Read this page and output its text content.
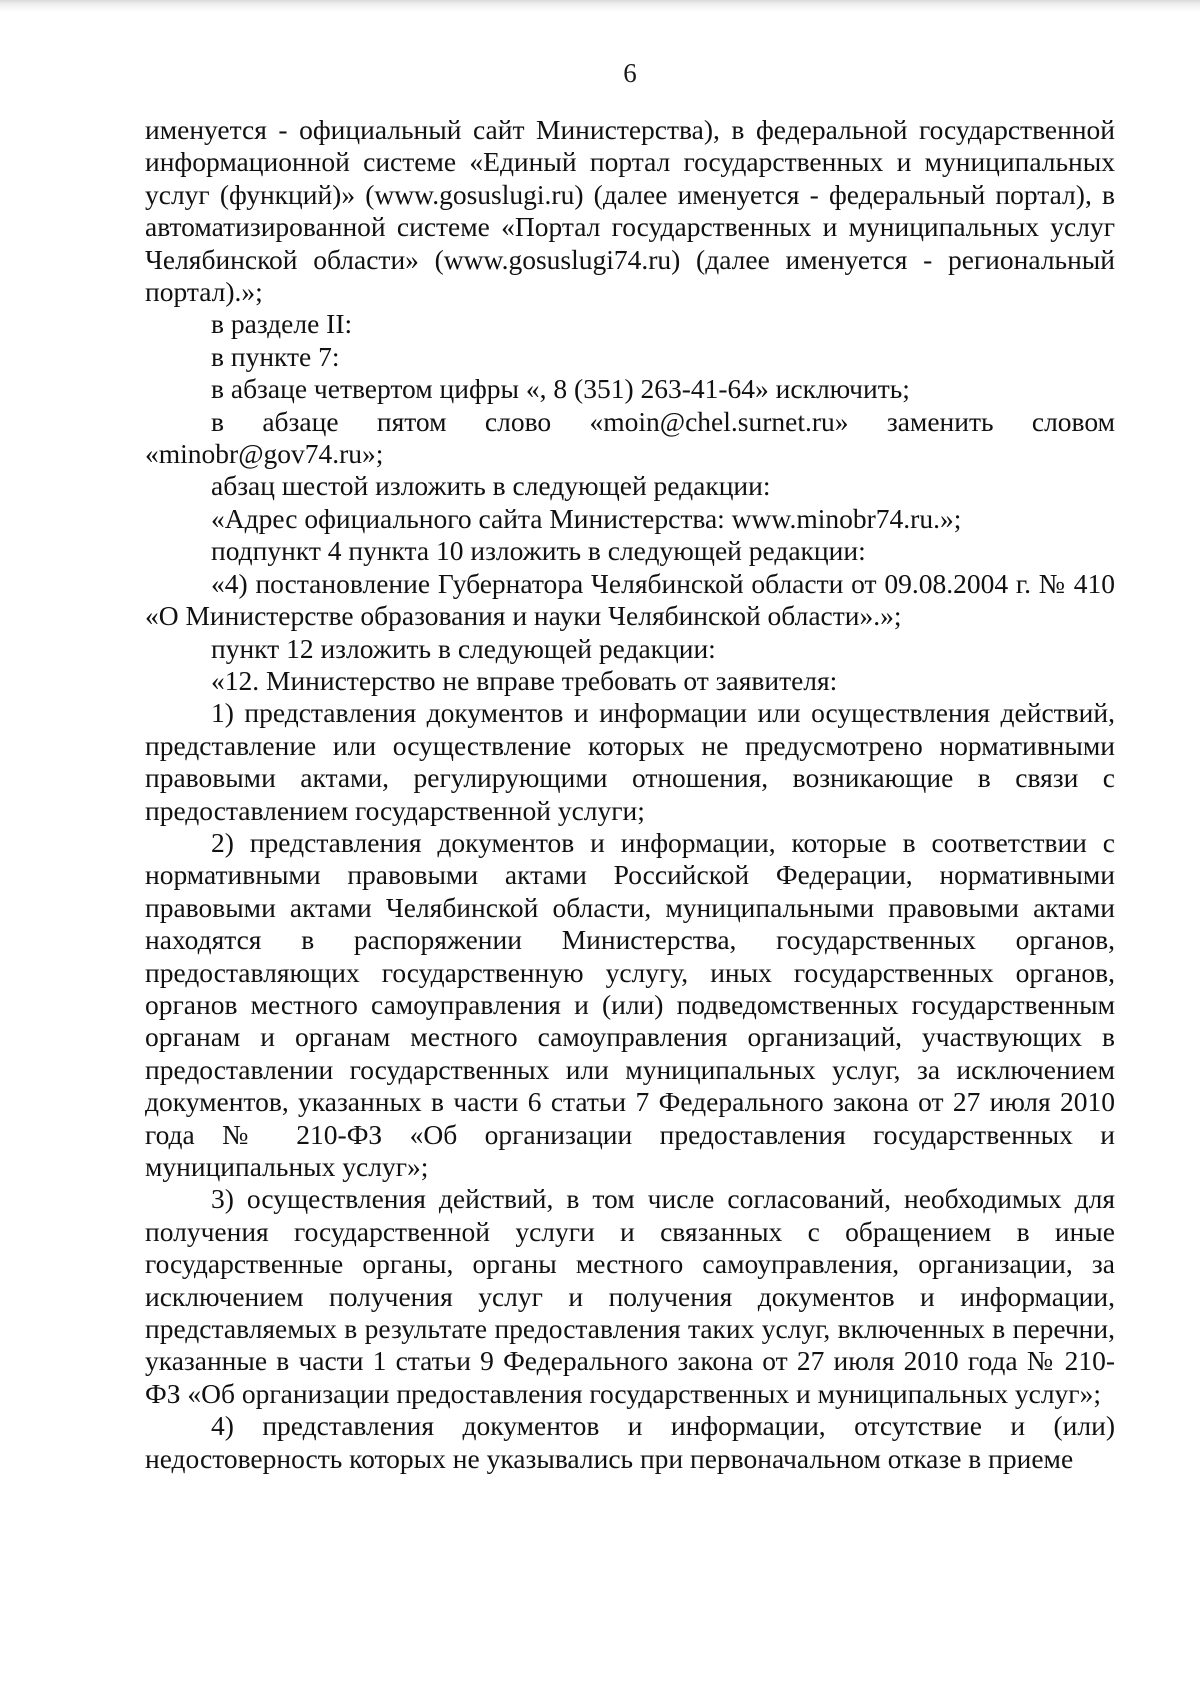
6

именуется - официальный сайт Министерства), в федеральной государственной информационной системе «Единый портал государственных и муниципальных услуг (функций)» (www.gosuslugi.ru) (далее именуется - федеральный портал), в автоматизированной системе «Портал государственных и муниципальных услуг Челябинской области» (www.gosuslugi74.ru) (далее именуется - региональный портал).»;

в разделе II:

в пункте 7:

в абзаце четвертом цифры «, 8 (351) 263-41-64» исключить;

в абзаце пятом слово «moin@chel.surnet.ru» заменить словом «minobr@gov74.ru»;

абзац шестой изложить в следующей редакции:

«Адрес официального сайта Министерства: www.minobr74.ru.»;

подпункт 4 пункта 10 изложить в следующей редакции:

«4) постановление Губернатора Челябинской области от 09.08.2004 г. № 410 «О Министерстве образования и науки Челябинской области».»;

пункт 12 изложить в следующей редакции:

«12. Министерство не вправе требовать от заявителя:

1) представления документов и информации или осуществления действий, представление или осуществление которых не предусмотрено нормативными правовыми актами, регулирующими отношения, возникающие в связи с предоставлением государственной услуги;

2) представления документов и информации, которые в соответствии с нормативными правовыми актами Российской Федерации, нормативными правовыми актами Челябинской области, муниципальными правовыми актами находятся в распоряжении Министерства, государственных органов, предоставляющих государственную услугу, иных государственных органов, органов местного самоуправления и (или) подведомственных государственным органам и органам местного самоуправления организаций, участвующих в предоставлении государственных или муниципальных услуг, за исключением документов, указанных в части 6 статьи 7 Федерального закона от 27 июля 2010 года № 210-ФЗ «Об организации предоставления государственных и муниципальных услуг»;

3) осуществления действий, в том числе согласований, необходимых для получения государственной услуги и связанных с обращением в иные государственные органы, органы местного самоуправления, организации, за исключением получения услуг и получения документов и информации, представляемых в результате предоставления таких услуг, включенных в перечни, указанные в части 1 статьи 9 Федерального закона от 27 июля 2010 года № 210-ФЗ «Об организации предоставления государственных и муниципальных услуг»;

4) представления документов и информации, отсутствие и (или) недостоверность которых не указывались при первоначальном отказе в приеме
